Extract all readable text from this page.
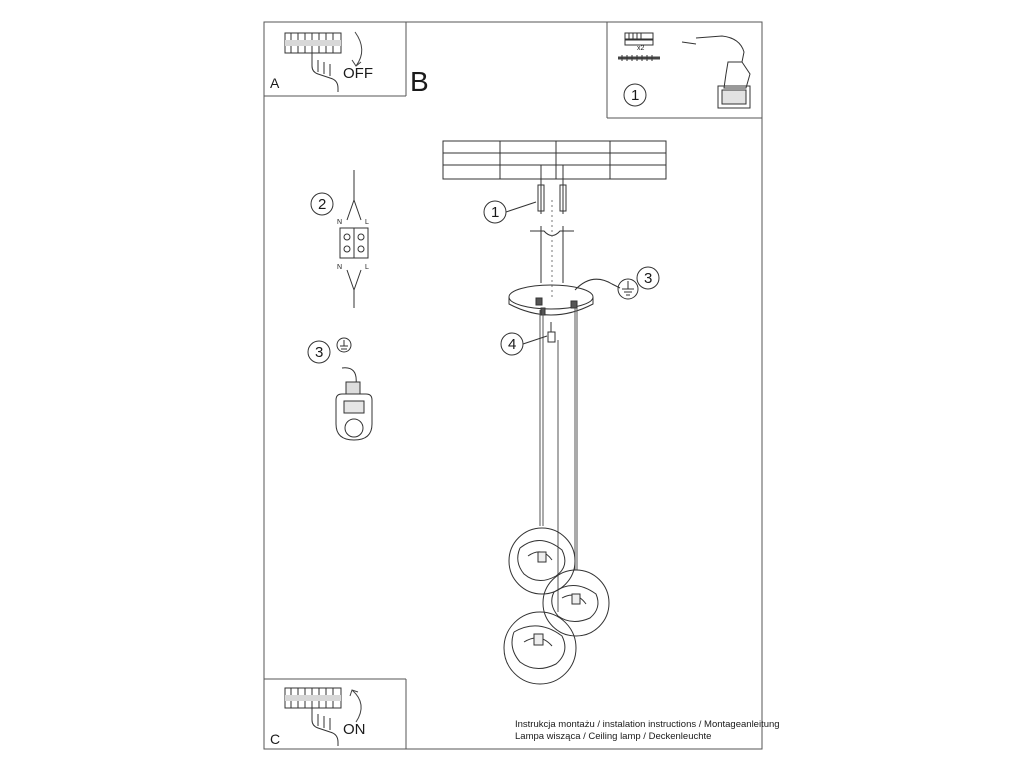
A
OFF B
x2
1
1
3
4
2
N	L
N	L
3
C
ON	Instrukcja montażu / instalation instructions / Montageanleitung
Lampa wisząca / Ceiling lamp / Deckenleuchte
